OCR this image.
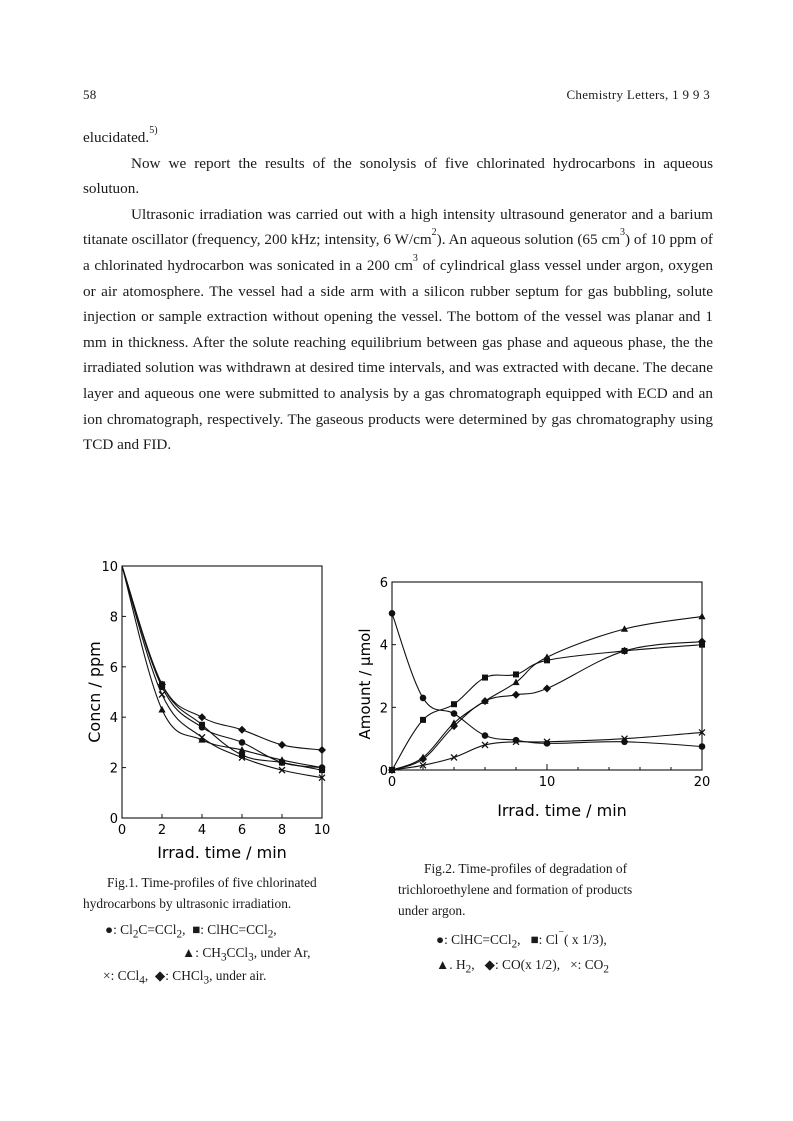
58	Chemistry Letters, 1 9 9 3

elucidated.$^{5)}$

Now we report the results of the sonolysis of five chlorinated hydrocarbons in aqueous solutuon.

Ultrasonic irradiation was carried out with a high intensity ultrasound generator and a barium titanate oscillator (frequency, 200 kHz; intensity, 6 $W/cm^2$). An aqueous solution (65 $cm^3$) of 10 ppm of a chlorinated hydrocarbon was sonicated in a 200 $cm^3$ of cylindrical glass vessel under argon, oxygen or air atomosphere. The vessel had a side arm with a silicon rubber septum for gas bubbling, solute injection or sample extraction without opening the vessel. The bottom of the vessel was planar and 1 mm in thickness. After the solute reaching equilibrium between gas phase and aqueous phase, the the irradiated solution was withdrawn at desired time intervals, and was extracted with decane. The decane layer and aqueous one were submitted to analysis by a gas chromatograph equipped with ECD and an ion chromatograph, respectively. The gaseous products were determined by gas chromatography using TCD and FID.

0
2
4
6
8
10
0 2 4 6 8 10
Irrad. time / min
Concn / ppm
0
2
4
6
0	10	20
Irrad. time / min
Amount / μmol
Fig.1. Time-profiles of five chlorinated
hydrocarbons by ultrasonic irradiation.
●: $Cl_2C=CCl_2$, ■: ClHC=CCl$_2$,
▲: $CH_3CCl_3$, under Ar,
×: CCl$_4$, ◆: CHCl$_3$, under air.
Fig.2. Time-profiles of degradation of
trichloroethylene and formation of products
under argon.
●: ClHC=CCl$_2$, ■: Cl−( x 1/3),
▲. $H_2$, ◆: CO(x 1/2), ×: $CO_2$
